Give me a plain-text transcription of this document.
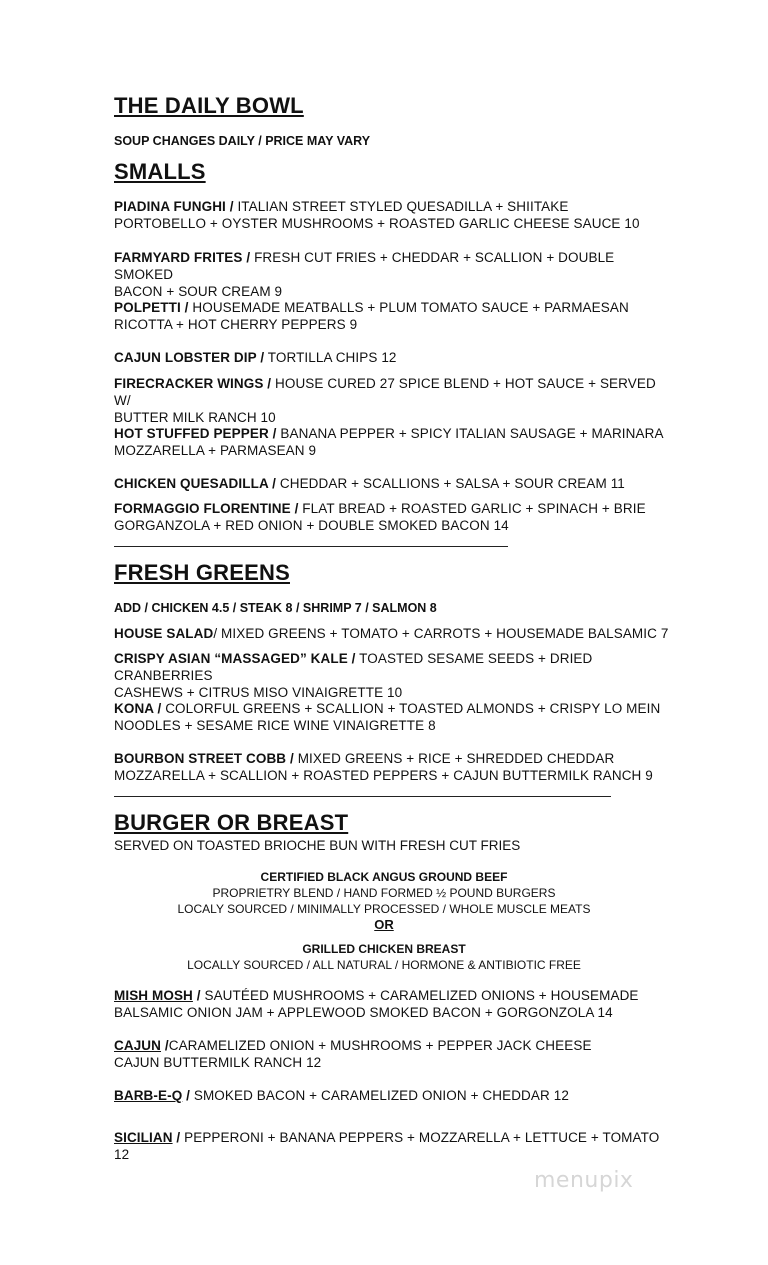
THE DAILY BOWL

SOUP CHANGES DAILY / PRICE MAY VARY

SMALLS

PIADINA FUNGHI / ITALIAN STREET STYLED QUESADILLA + SHIITAKE

PORTOBELLO + OYSTER MUSHROOMS + ROASTED GARLIC CHEESE SAUCE 10

FARMYARD FRITES / FRESH CUT FRIES + CHEDDAR + SCALLION + DOUBLE SMOKED

BACON + SOUR CREAM 9

POLPETTI / HOUSEMADE MEATBALLS + PLUM TOMATO SAUCE + PARMAESAN

RICOTTA + HOT CHERRY PEPPERS 9

CAJUN LOBSTER DIP / TORTILLA CHIPS 12

FIRECRACKER WINGS / HOUSE CURED 27 SPICE BLEND + HOT SAUCE + SERVED W/

BUTTER MILK RANCH 10

HOT STUFFED PEPPER / BANANA PEPPER + SPICY ITALIAN SAUSAGE + MARINARA

MOZZARELLA + PARMASEAN 9

CHICKEN QUESADILLA / CHEDDAR + SCALLIONS + SALSA + SOUR CREAM 11

FORMAGGIO FLORENTINE / FLAT BREAD + ROASTED GARLIC + SPINACH + BRIE

GORGANZOLA + RED ONION + DOUBLE SMOKED BACON 14

FRESH GREENS

ADD / CHICKEN 4.5 / STEAK 8 / SHRIMP 7 / SALMON 8

HOUSE SALAD/ MIXED GREENS + TOMATO + CARROTS + HOUSEMADE BALSAMIC 7

CRISPY ASIAN “MASSAGED” KALE / TOASTED SESAME SEEDS + DRIED CRANBERRIES

CASHEWS + CITRUS MISO VINAIGRETTE 10

KONA / COLORFUL GREENS + SCALLION + TOASTED ALMONDS + CRISPY LO MEIN

NOODLES + SESAME RICE WINE VINAIGRETTE 8

BOURBON STREET COBB / MIXED GREENS + RICE + SHREDDED CHEDDAR

MOZZARELLA + SCALLION + ROASTED PEPPERS + CAJUN BUTTERMILK RANCH 9

BURGER OR BREAST

SERVED ON TOASTED BRIOCHE BUN WITH FRESH CUT FRIES

CERTIFIED BLACK ANGUS GROUND BEEF
PROPRIETRY BLEND / HAND FORMED ½ POUND BURGERS
LOCALY SOURCED / MINIMALLY PROCESSED / WHOLE MUSCLE MEATS
OR
GRILLED CHICKEN BREAST
LOCALLY SOURCED / ALL NATURAL / HORMONE & ANTIBIOTIC FREE

MISH MOSH / SAUTÉED MUSHROOMS + CARAMELIZED ONIONS + HOUSEMADE

BALSAMIC ONION JAM + APPLEWOOD SMOKED BACON + GORGONZOLA 14

CAJUN /CARAMELIZED ONION + MUSHROOMS + PEPPER JACK CHEESE

CAJUN BUTTERMILK RANCH 12

BARB-E-Q / SMOKED BACON + CARAMELIZED ONION + CHEDDAR 12

SICILIAN / PEPPERONI + BANANA PEPPERS + MOZZARELLA + LETTUCE + TOMATO 12

menupix
